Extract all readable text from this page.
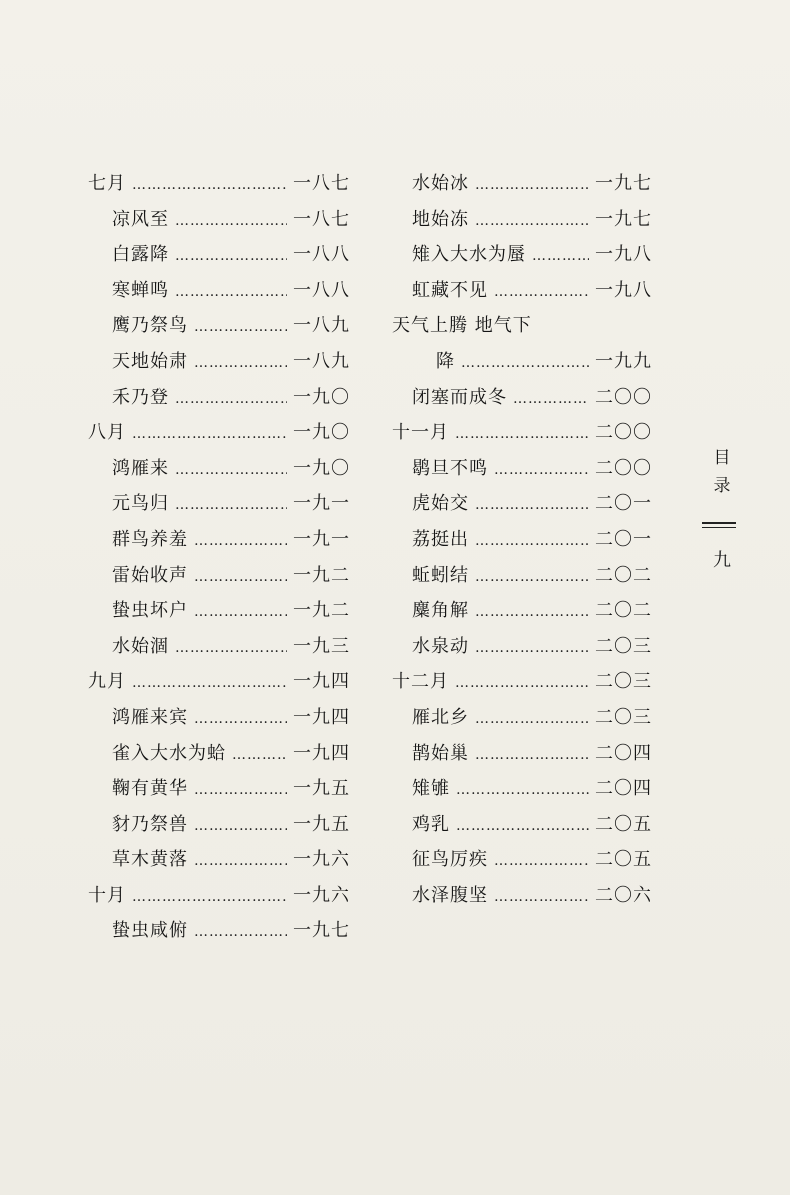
七月 ……………………………………………………………………	一八七
凉风至 ……………………………………………………………………	一八七
白露降 ……………………………………………………………………	一八八
寒蝉鸣 ……………………………………………………………………	一八八
鹰乃祭鸟 ……………………………………………………………………	一八九
天地始肃 ……………………………………………………………………	一八九
禾乃登 ……………………………………………………………………	一九〇
八月 ……………………………………………………………………	一九〇
鸿雁来 ……………………………………………………………………	一九〇
元鸟归 ……………………………………………………………………	一九一
群鸟养羞 ……………………………………………………………………	一九一
雷始收声 ……………………………………………………………………	一九二
蛰虫坏户 ……………………………………………………………………	一九二
水始涸 ……………………………………………………………………	一九三
九月 ……………………………………………………………………	一九四
鸿雁来宾 ……………………………………………………………………	一九四
雀入大水为蛤 ……………………………………………………………………	一九四
鞠有黄华 ……………………………………………………………………	一九五
豺乃祭兽 ……………………………………………………………………	一九五
草木黄落 ……………………………………………………………………	一九六
十月 ……………………………………………………………………	一九六
蛰虫咸俯 ……………………………………………………………………	一九七
水始冰 ……………………………………………………………………	一九七
地始冻 ……………………………………………………………………	一九七
雉入大水为蜃 ……………………………………………………………………	一九八
虹藏不见 ……………………………………………………………………	一九八
天气上腾 地气下
降 ……………………………………………………………………	一九九
闭塞而成冬 ……………………………………………………………………	二〇〇
十一月 ……………………………………………………………………	二〇〇
鹖旦不鸣 ……………………………………………………………………	二〇〇
虎始交 ……………………………………………………………………	二〇一
荔挺出 ……………………………………………………………………	二〇一
蚯蚓结 ……………………………………………………………………	二〇二
麋角解 ……………………………………………………………………	二〇二
水泉动 ……………………………………………………………………	二〇三
十二月 ……………………………………………………………………	二〇三
雁北乡 ……………………………………………………………………	二〇三
鹊始巢 ……………………………………………………………………	二〇四
雉雊 ……………………………………………………………………	二〇四
鸡乳 ……………………………………………………………………	二〇五
征鸟厉疾 ……………………………………………………………………	二〇五
水泽腹坚 ……………………………………………………………………	二〇六
目
录
九
